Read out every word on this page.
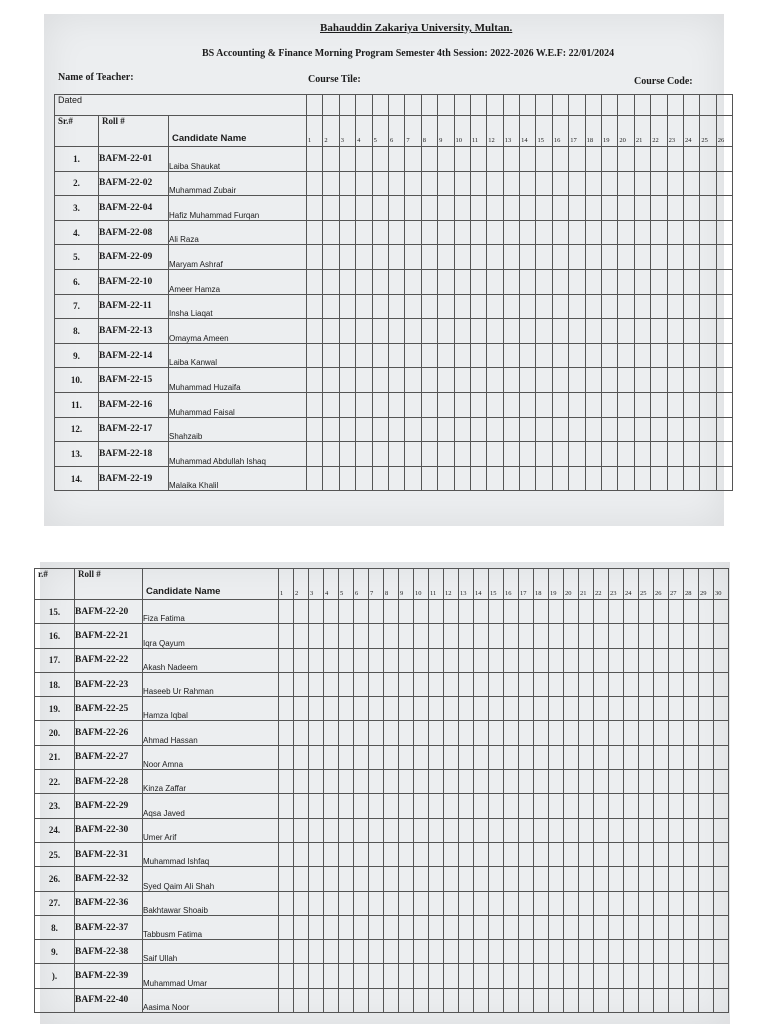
Bahauddin Zakariya University, Multan.
BS Accounting & Finance Morning Program Semester 4th Session: 2022-2026 W.E.F: 22/01/2024
Name of Teacher:	Course Tile:	Course Code:
Dated																												
Sr.#	Roll #	Candidate Name	1	2	3	4	5	6	7	8	9	10	11	12	13	14	15	16	17	18	19	20	21	22	23	24	25	26
1.	BAFM-22-01	Laiba Shaukat																										
2.	BAFM-22-02	Muhammad Zubair																										
3.	BAFM-22-04	Hafiz Muhammad Furqan																										
4.	BAFM-22-08	Ali Raza																										
5.	BAFM-22-09	Maryam Ashraf																										
6.	BAFM-22-10	Ameer Hamza																										
7.	BAFM-22-11	Insha Liaqat																										
8.	BAFM-22-13	Omayma Ameen																										
9.	BAFM-22-14	Laiba Kanwal																										
10.	BAFM-22-15	Muhammad Huzaifa																										
11.	BAFM-22-16	Muhammad Faisal																										
12.	BAFM-22-17	Shahzaib																										
13.	BAFM-22-18	Muhammad Abdullah Ishaq																										
14.	BAFM-22-19	Malaika Khalil																										
r.#	Roll #	Candidate Name	1	2	3	4	5	6	7	8	9	10	11	12	13	14	15	16	17	18	19	20	21	22	23	24	25	26	27	28	29	30
15.	BAFM-22-20	Fiza Fatima																														
16.	BAFM-22-21	Iqra Qayum																														
17.	BAFM-22-22	Akash Nadeem																														
18.	BAFM-22-23	Haseeb Ur Rahman																														
19.	BAFM-22-25	Hamza Iqbal																														
20.	BAFM-22-26	Ahmad Hassan																														
21.	BAFM-22-27	Noor Amna																														
22.	BAFM-22-28	Kinza Zaffar																														
23.	BAFM-22-29	Aqsa Javed																														
24.	BAFM-22-30	Umer Arif																														
25.	BAFM-22-31	Muhammad Ishfaq																														
26.	BAFM-22-32	Syed Qaim Ali Shah																														
27.	BAFM-22-36	Bakhtawar Shoaib																														
8.	BAFM-22-37	Tabbusm Fatima																														
9.	BAFM-22-38	Saif Ullah																														
).	BAFM-22-39	Muhammad Umar																														
	BAFM-22-40	Aasima Noor																														
